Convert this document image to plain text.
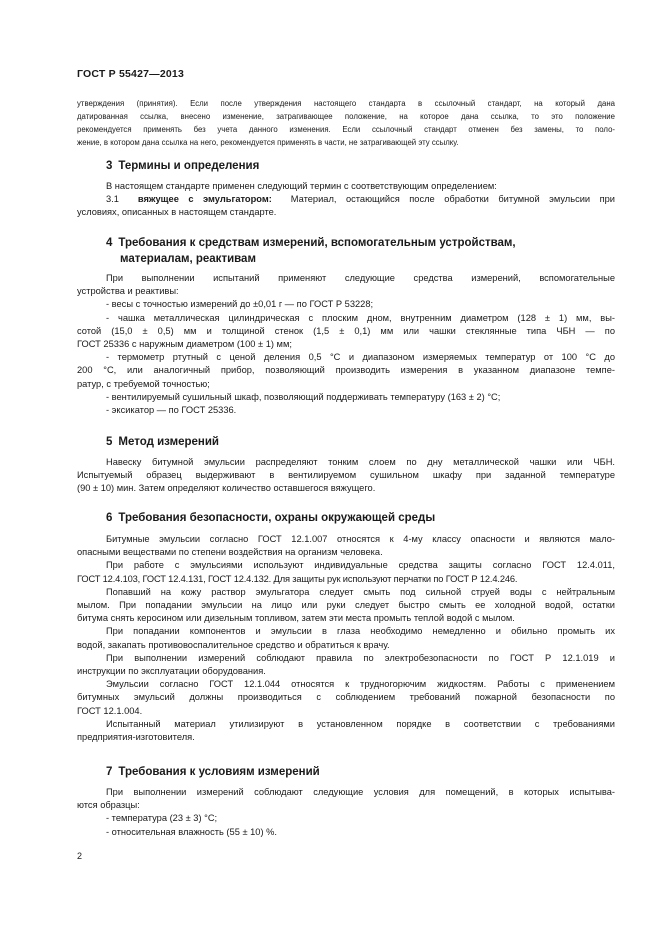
ГОСТ Р 55427—2013
утверждения (принятия). Если после утверждения настоящего стандарта в ссылочный стандарт, на который дана
датированная ссылка, внесено изменение, затрагивающее положение, на которое дана ссылка, то это положение
рекомендуется применять без учета данного изменения. Если ссылочный стандарт отменен без замены, то поло-
жение, в котором дана ссылка на него, рекомендуется применять в части, не затрагивающей эту ссылку.
3 Термины и определения
В настоящем стандарте применен следующий термин с соответствующим определением:
3.1 вяжущее с эмульгатором: Материал, остающийся после обработки битумной эмульсии при
условиях, описанных в настоящем стандарте.
4 Требования к средствам измерений, вспомогательным устройствам,
материалам, реактивам
При выполнении испытаний применяют следующие средства измерений, вспомогательные
устройства и реактивы:
- весы с точностью измерений до ±0,01 г — по ГОСТ Р 53228;
- чашка металлическая цилиндрическая с плоским дном, внутренним диаметром (128 ± 1) мм, вы-
сотой (15,0 ± 0,5) мм и толщиной стенок (1,5 ± 0,1) мм или чашки стеклянные типа ЧБН — по
ГОСТ 25336 с наружным диаметром (100 ± 1) мм;
- термометр ртутный с ценой деления 0,5 °С и диапазоном измеряемых температур от 100 °С до
200 °С, или аналогичный прибор, позволяющий производить измерения в указанном диапазоне темпе-
ратур, с требуемой точностью;
- вентилируемый сушильный шкаф, позволяющий поддерживать температуру (163 ± 2) °С;
- эксикатор — по ГОСТ 25336.
5 Метод измерений
Навеску битумной эмульсии распределяют тонким слоем по дну металлической чашки или ЧБН.
Испытуемый образец выдерживают в вентилируемом сушильном шкафу при заданной температуре
(90 ± 10) мин. Затем определяют количество оставшегося вяжущего.
6 Требования безопасности, охраны окружающей среды
Битумные эмульсии согласно ГОСТ 12.1.007 относятся к 4-му классу опасности и являются мало-
опасными веществами по степени воздействия на организм человека.
При работе с эмульсиями используют индивидуальные средства защиты согласно ГОСТ 12.4.011,
ГОСТ 12.4.103, ГОСТ 12.4.131, ГОСТ 12.4.132. Для защиты рук используют перчатки по ГОСТ Р 12.4.246.
Попавший на кожу раствор эмульгатора следует смыть под сильной струей воды с нейтральным
мылом. При попадании эмульсии на лицо или руки следует быстро смыть ее холодной водой, остатки
битума снять керосином или дизельным топливом, затем эти места промыть теплой водой с мылом.
При попадании компонентов и эмульсии в глаза необходимо немедленно и обильно промыть их
водой, закапать противовоспалительное средство и обратиться к врачу.
При выполнении измерений соблюдают правила по электробезопасности по ГОСТ Р 12.1.019 и
инструкции по эксплуатации оборудования.
Эмульсии согласно ГОСТ 12.1.044 относятся к трудногорючим жидкостям. Работы с применением
битумных эмульсий должны производиться с соблюдением требований пожарной безопасности по
ГОСТ 12.1.004.
Испытанный материал утилизируют в установленном порядке в соответствии с требованиями
предприятия-изготовителя.
7 Требования к условиям измерений
При выполнении измерений соблюдают следующие условия для помещений, в которых испытыва-
ются образцы:
- температура (23 ± 3) °С;
- относительная влажность (55 ± 10) %.
2
